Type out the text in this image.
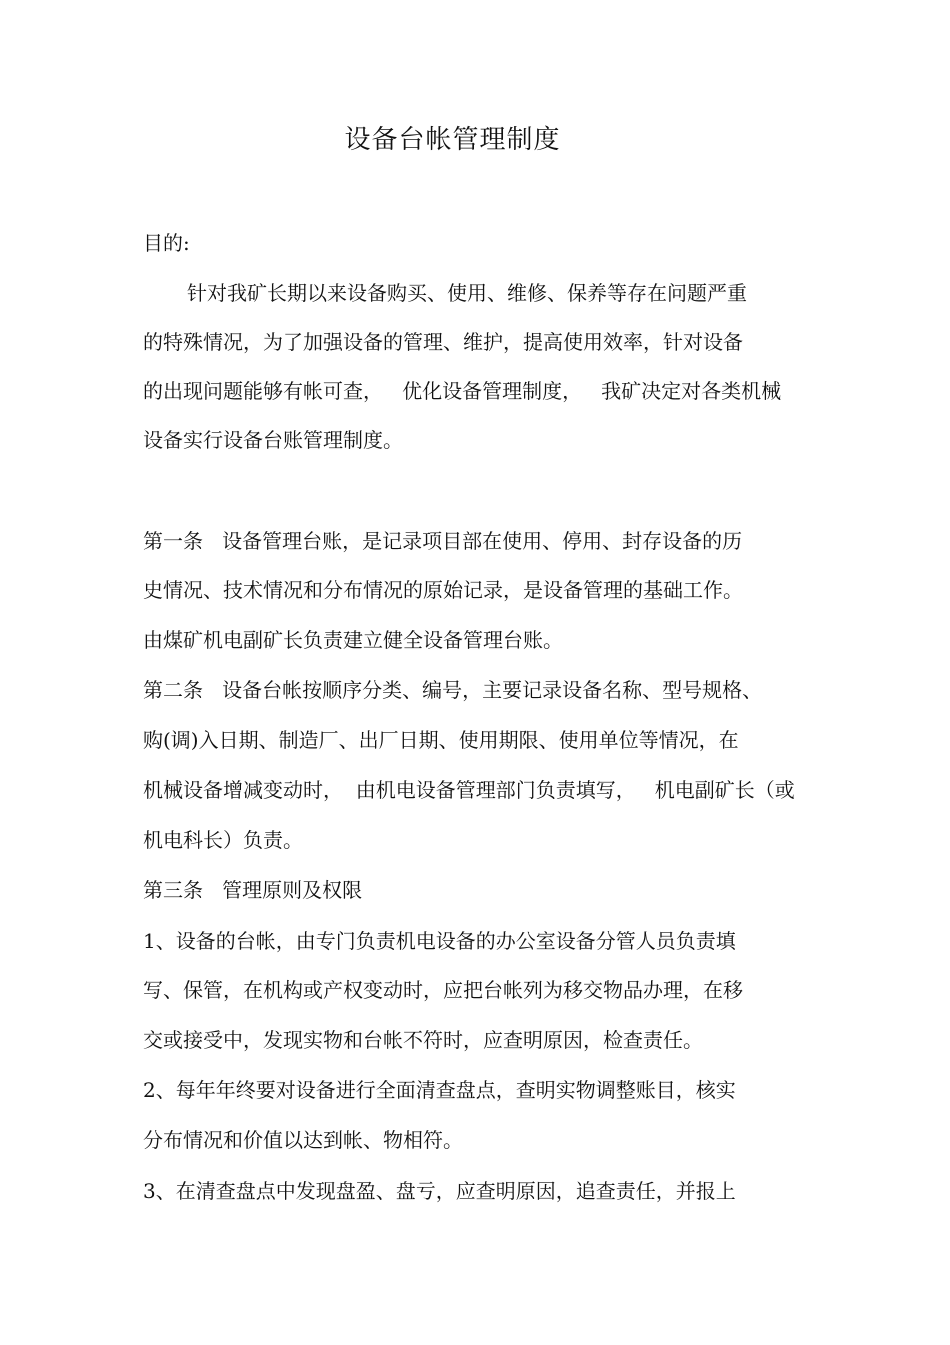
设备台帐管理制度
目的:
针对我矿长期以来设备购买、使用、维修、保养等存在问题严重
的特殊情况，为了加强设备的管理、维护，提高使用效率，针对设备
的出现问题能够有帐可查，   优化设备管理制度，   我矿决定对各类机械
设备实行设备台账管理制度。
第一条   设备管理台账，是记录项目部在使用、停用、封存设备的历
史情况、技术情况和分布情况的原始记录，是设备管理的基础工作。
由煤矿机电副矿长负责建立健全设备管理台账。
第二条   设备台帐按顺序分类、编号，主要记录设备名称、型号规格、
购(调)入日期、制造厂、出厂日期、使用期限、使用单位等情况，在
机械设备增减变动时，  由机电设备管理部门负责填写，   机电副矿长（或
机电科长）负责。
第三条   管理原则及权限
1、设备的台帐，由专门负责机电设备的办公室设备分管人员负责填
写、保管，在机构或产权变动时，应把台帐列为移交物品办理，在移
交或接受中，发现实物和台帐不符时，应查明原因，检查责任。
2、每年年终要对设备进行全面清查盘点，查明实物调整账目，核实
分布情况和价值以达到帐、物相符。
3、在清查盘点中发现盘盈、盘亏，应查明原因，追查责任，并报上
